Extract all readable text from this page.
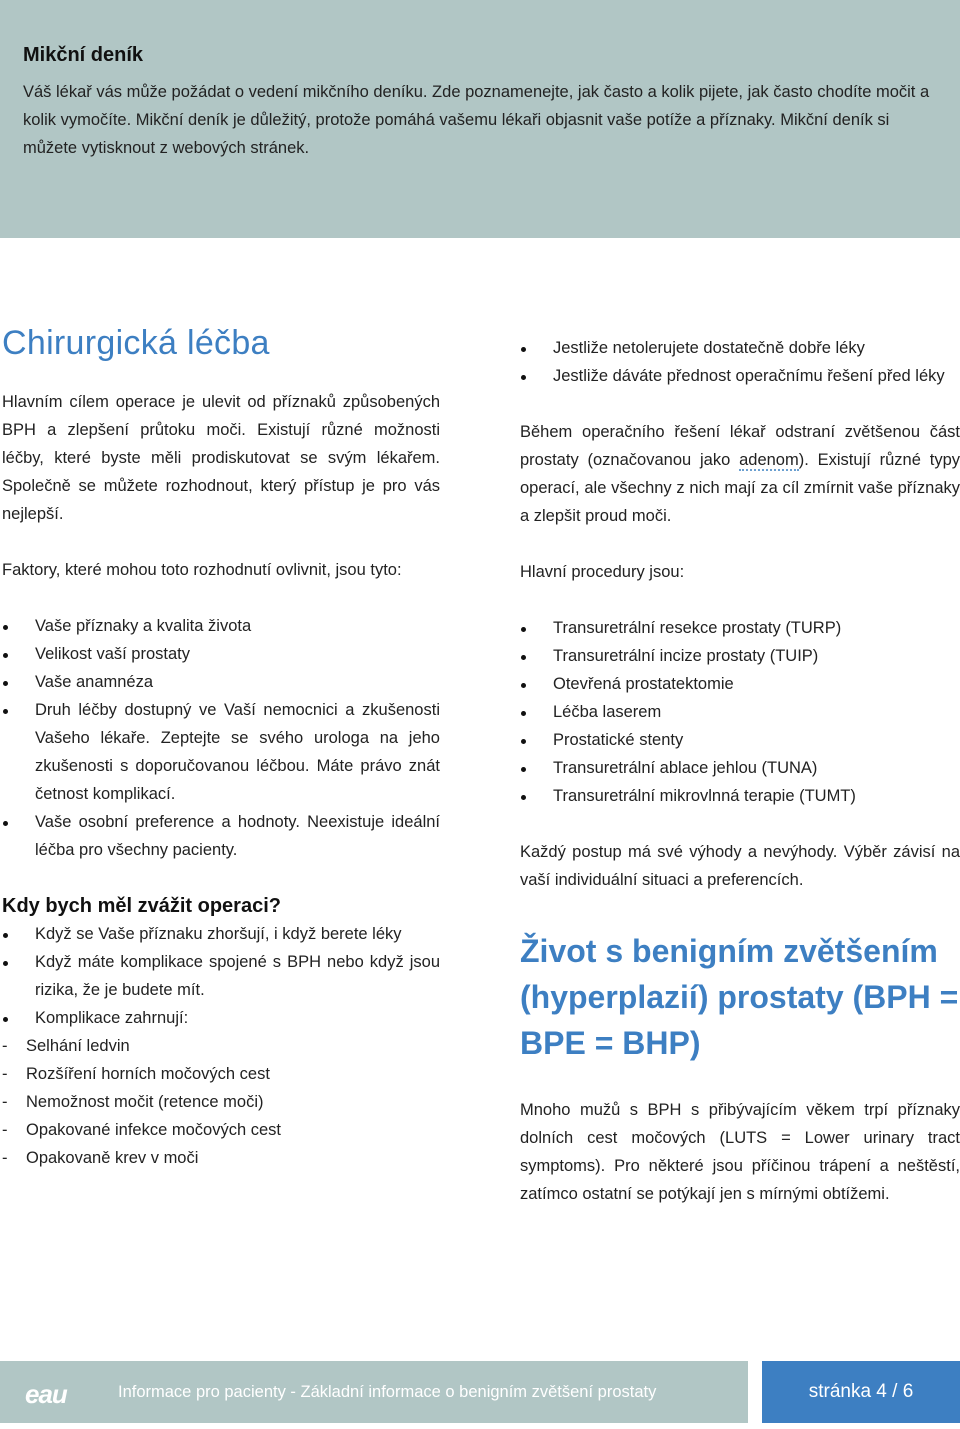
Mikční deník

Váš lékař vás může požádat o vedení mikčního deníku. Zde poznamenejte, jak často a kolik pijete, jak často chodíte močit a kolik vymočíte. Mikční deník je důležitý, protože pomáhá vašemu lékaři objasnit vaše potíže a příznaky. Mikční deník si můžete vytisknout z webových stránek.

Chirurgická léčba

Hlavním cílem operace je ulevit od příznaků způsobených BPH a zlepšení průtoku moči. Existují různé možnosti léčby, které byste měli prodiskutovat se svým lékařem. Společně se můžete rozhodnout, který přístup je pro vás nejlepší.

Faktory, které mohou toto rozhodnutí ovlivnit, jsou tyto:

Vaše příznaky a kvalita života
Velikost vaší prostaty
Vaše anamnéza
Druh léčby dostupný ve Vaší nemocnici a zkušenosti Vašeho lékaře. Zeptejte se svého urologa na jeho zkušenosti s doporučovanou léčbou. Máte právo znát četnost komplikací.
Vaše osobní preference a hodnoty. Neexistuje ideální léčba pro všechny pacienty.
Kdy bych měl zvážit operaci?
Když se Vaše příznaku zhoršují, i když berete léky
Když máte komplikace spojené s BPH nebo když jsou rizika, že je budete mít.
Komplikace zahrnují:
- Selhání ledvin
- Rozšíření horních močových cest
- Nemožnost močit (retence moči)
- Opakované infekce močových cest
- Opakovaně krev v moči
Jestliže netolerujete dostatečně dobře léky
Jestliže dáváte přednost operačnímu řešení před léky

Během operačního řešení lékař odstraní zvětšenou část prostaty (označovanou jako adenom). Existují různé typy operací, ale všechny z nich mají za cíl zmírnit vaše příznaky a zlepšit proud moči.

Hlavní procedury jsou:

Transuretrální resekce prostaty (TURP)
Transuretrální incize prostaty (TUIP)
Otevřená prostatektomie
Léčba laserem
Prostatické stenty
Transuretrální ablace jehlou (TUNA)
Transuretrální mikrovlnná terapie (TUMT)

Každý postup má své výhody a nevýhody. Výběr závisí na vaší individuální situaci a preferencích.

Život s benigním zvětšením (hyperplazií) prostaty (BPH = BPE = BHP)

Mnoho mužů s BPH s přibývajícím věkem trpí příznaky dolních cest močových (LUTS = Lower urinary tract symptoms). Pro některé jsou příčinou trápení a neštěstí, zatímco ostatní se potýkají jen s mírnými obtížemi.

eau	Informace pro pacienty - Základní informace o benigním zvětšení prostaty	stránka 4 / 6
